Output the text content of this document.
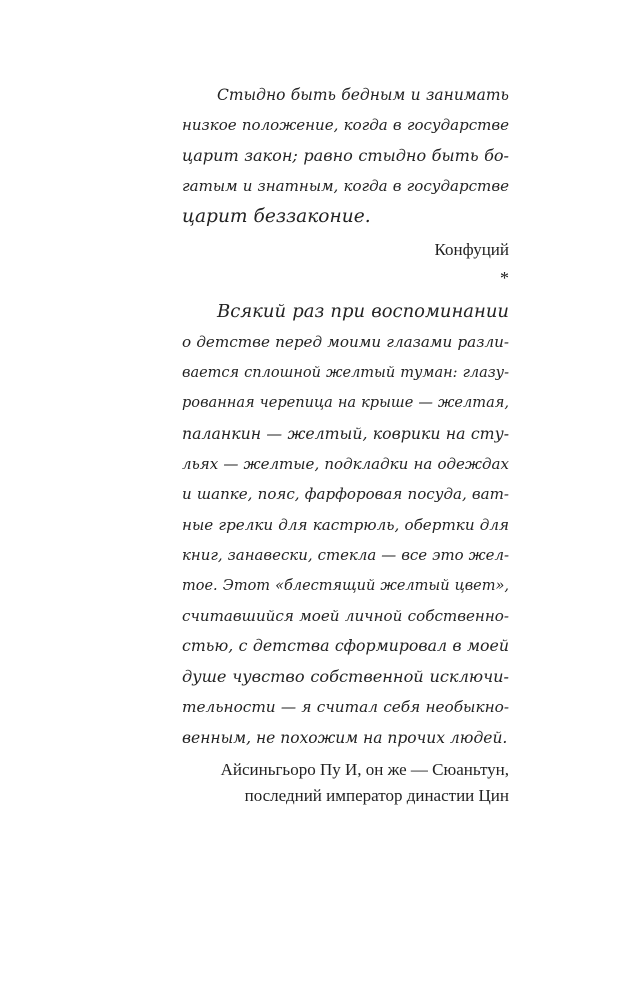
Стыдно быть бедным и занимать
низкое положение, когда в государстве
царит закон; равно стыдно быть бо-
гатым и знатным, когда в государстве
царит беззаконие.

Конфуций

*
Всякий раз при воспоминании
о детстве перед моими глазами разли-
вается сплошной желтый туман: глазу-
рованная черепица на крыше — желтая,
паланкин — желтый, коврики на сту-
льях — желтые, подкладки на одеждах
и шапке, пояс, фарфоровая посуда, ват-
ные грелки для кастрюль, обертки для
книг, занавески, стекла — все это жел-
тое. Этот «блестящий желтый цвет»,
считавшийся моей личной собственно-
стью, с детства сформировал в моей
душе чувство собственной исключи-
тельности — я считал себя необыкно-
венным, не похожим на прочих людей.
Айсиньгьоро Пу И, он же — Сюаньтун,
последний император династии Цин
